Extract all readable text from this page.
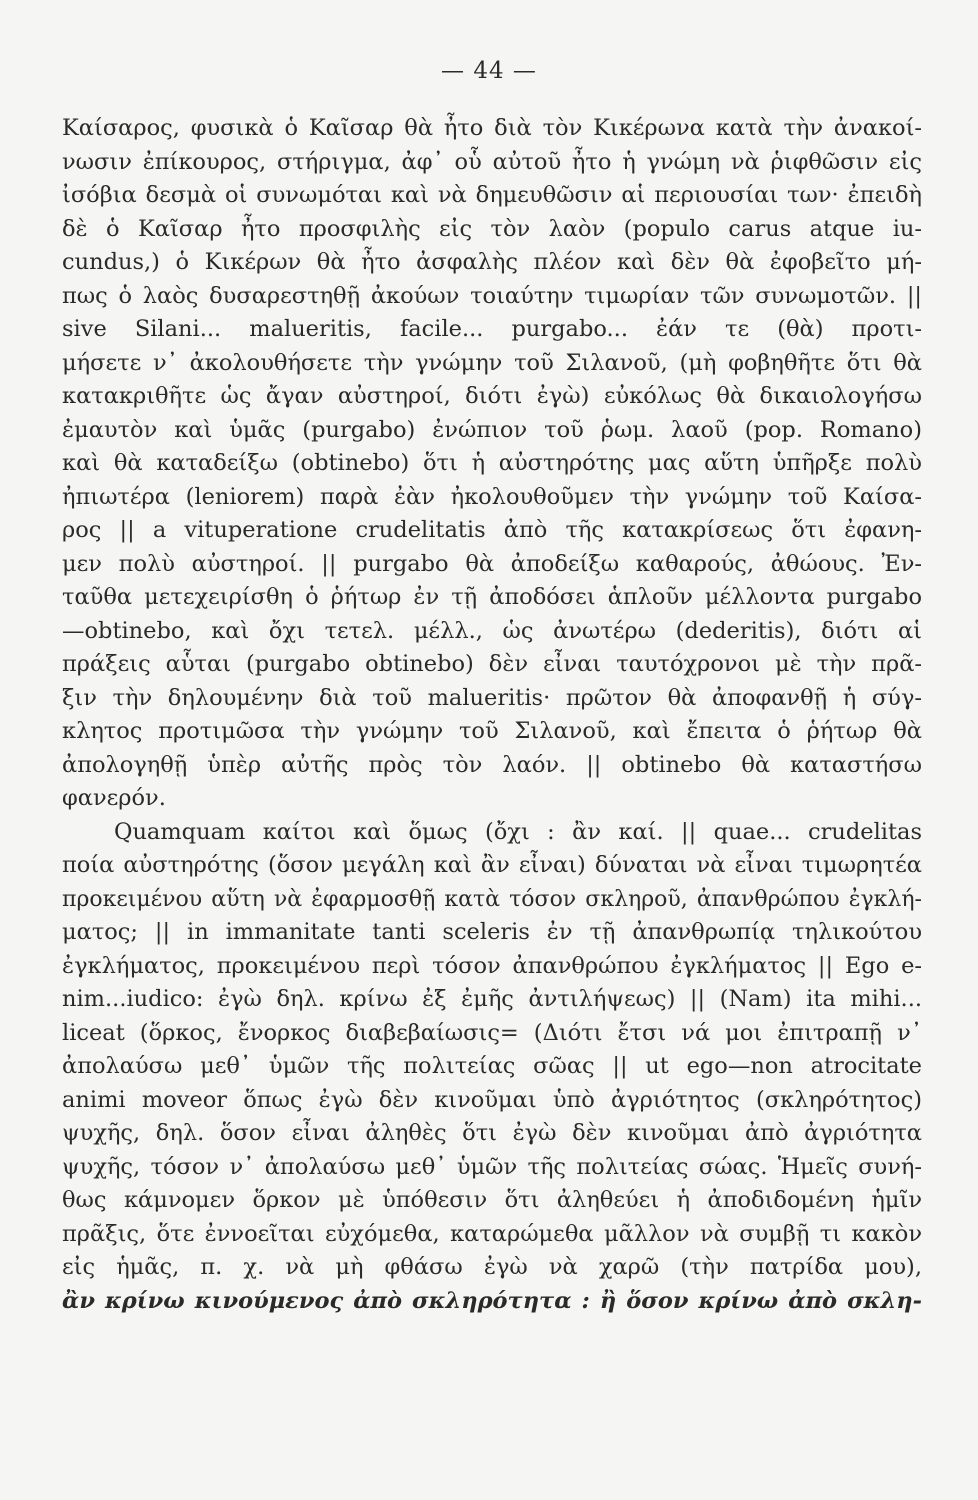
— 44 —
Καίσαρος, φυσικὰ ὁ Καῖσαρ θὰ ἦτο διὰ τὸν Κικέρωνα κατὰ τὴν ἀνακοί-
νωσιν ἐπίκουρος, στήριγμα, ἀφ᾽ οὗ αὐτοῦ ἦτο ἡ γνώμη νὰ ῥιφθῶσιν εἰς
ἰσόβια δεσμὰ οἱ συνωμόται καὶ νὰ δημευθῶσιν αἱ περιουσίαι των· ἐπειδὴ
δὲ ὁ Καῖσαρ ἦτο προσφιλὴς εἰς τὸν λαὸν (populo carus atque iu-
cundus,) ὁ Κικέρων θὰ ἦτο ἀσφαλὴς πλέον καὶ δὲν θὰ ἐφοβεῖτο μή-
πως ὁ λαὸς δυσαρεστηθῇ ἀκούων τοιαύτην τιμωρίαν τῶν συνωμοτῶν. ||
sive Silani... malueritis, facile... purgabo... ἐάν τε (θὰ) προτι-
μήσετε ν᾽ ἀκολουθήσετε τὴν γνώμην τοῦ Σιλανοῦ, (μὴ φοβηθῆτε ὅτι θὰ
κατακριθῆτε ὡς ἄγαν αὐστηροί, διότι ἐγὼ) εὐκόλως θὰ δικαιολογήσω
ἐμαυτὸν καὶ ὑμᾶς (purgabo) ἐνώπιον τοῦ ῥωμ. λαοῦ (pop. Romano)
καὶ θὰ καταδείξω (obtinebo) ὅτι ἡ αὐστηρότης μας αὕτη ὑπῆρξε πολὺ
ἠπιωτέρα (leniorem) παρὰ ἐὰν ἠκολουθοῦμεν τὴν γνώμην τοῦ Καίσα-
ρος || a vituperatione crudelitatis ἀπὸ τῆς κατακρίσεως ὅτι ἐφανη-
μεν πολὺ αὐστηροί. || purgabo θὰ ἀποδείξω καθαρούς, ἀθώους. Ἐν-
ταῦθα μετεχειρίσθη ὁ ῥήτωρ ἐν τῇ ἀποδόσει ἁπλοῦν μέλλοντα purgabo
—obtinebo, καὶ ὄχι τετελ. μέλλ., ὡς ἀνωτέρω (dederitis), διότι αἱ
πράξεις αὗται (purgabo obtinebo) δὲν εἶναι ταυτόχρονοι μὲ τὴν πρᾶ-
ξιν τὴν δηλουμένην διὰ τοῦ malueritis· πρῶτον θὰ ἀποφανθῇ ἡ σύγ-
κλητος προτιμῶσα τὴν γνώμην τοῦ Σιλανοῦ, καὶ ἔπειτα ὁ ῥήτωρ θὰ
ἀπολογηθῇ ὑπὲρ αὐτῆς πρὸς τὸν λαόν. || obtinebo θὰ καταστήσω
φανερόν.
Quamquam καίτοι καὶ ὅμως (ὄχι : ἂν καί. || quae... crudelitas
ποία αὐστηρότης (ὅσον μεγάλη καὶ ἂν εἶναι) δύναται νὰ εἶναι τιμωρητέα
προκειμένου αὕτη νὰ ἐφαρμοσθῇ κατὰ τόσον σκληροῦ, ἀπανθρώπου ἐγκλή-
ματος; || in immanitate tanti sceleris ἐν τῇ ἀπανθρωπίᾳ τηλικούτου
ἐγκλήματος, προκειμένου περὶ τόσον ἀπανθρώπου ἐγκλήματος || Ego e-
nim...iudico: ἐγὼ δηλ. κρίνω ἐξ ἐμῆς ἀντιλήψεως) || (Nam) ita mihi...
liceat (ὅρκος, ἔνορκος διαβεβαίωσις= (Διότι ἔτσι νά μοι ἐπιτραπῇ ν᾽
ἀπολαύσω μεθ᾽ ὑμῶν τῆς πολιτείας σῶας || ut ego—non atrocitate
animi moveor ὅπως ἐγὼ δὲν κινοῦμαι ὑπὸ ἀγριότητος (σκληρότητος)
ψυχῆς, δηλ. ὅσον εἶναι ἀληθὲς ὅτι ἐγὼ δὲν κινοῦμαι ἀπὸ ἀγριότητα
ψυχῆς, τόσον ν᾽ ἀπολαύσω μεθ᾽ ὑμῶν τῆς πολιτείας σώας. Ἡμεῖς συνή-
θως κάμνομεν ὅρκον μὲ ὑπόθεσιν ὅτι ἀληθεύει ἡ ἀποδιδομένη ἡμῖν
πρᾶξις, ὅτε ἐννοεῖται εὐχόμεθα, καταρώμεθα μᾶλλον νὰ συμβῇ τι κακὸν
εἰς ἡμᾶς, π. χ. νὰ μὴ φθάσω ἐγὼ νὰ χαρῶ (τὴν πατρίδα μου),
ἂν κρίνω κινούμενος ἀπὸ σκληρότητα : ἢ ὅσον κρίνω ἀπὸ σκλη-
